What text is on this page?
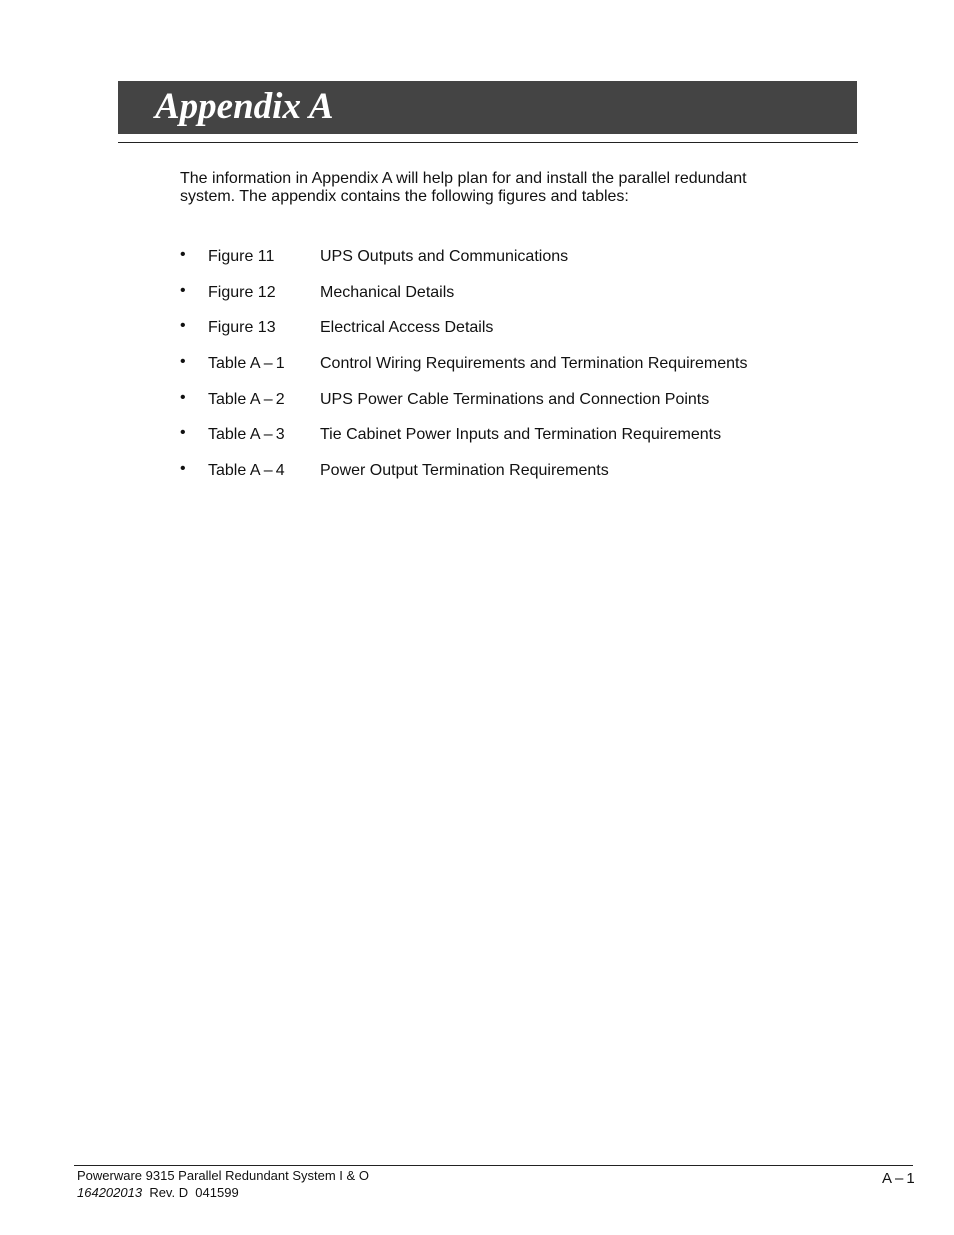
Appendix A

The information in Appendix A will help plan for and install the parallel redundant
system. The appendix contains the following figures and tables:

• Figure 11	UPS Outputs and Communications
• Figure 12	Mechanical Details
• Figure 13	Electrical Access Details
• Table A – 1 Control Wiring Requirements and Termination Requirements
• Table A – 2 UPS Power Cable Terminations and Connection Points
• Table A – 3 Tie Cabinet Power Inputs and Termination Requirements
• Table A – 4 Power Output Termination Requirements
Powerware 9315 Parallel Redundant System I & O
164202013 Rev. D  041599
A – 1
